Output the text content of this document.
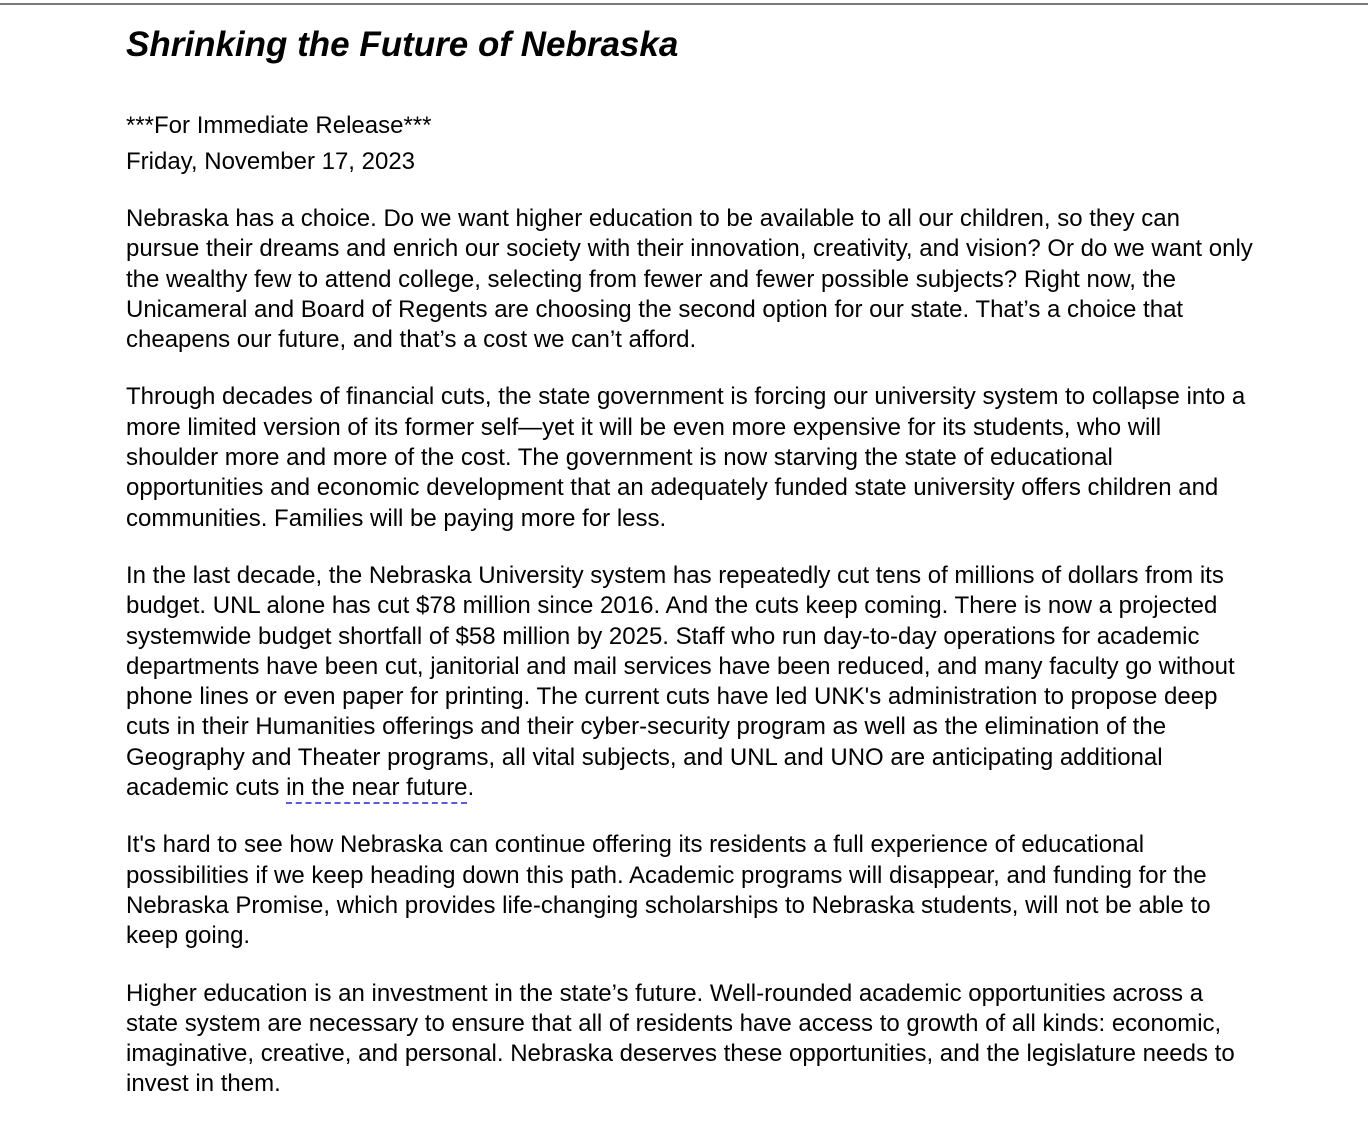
Shrinking the Future of Nebraska
***For Immediate Release***
Friday, November 17, 2023

Nebraska has a choice. Do we want higher education to be available to all our children, so they can pursue their dreams and enrich our society with their innovation, creativity, and vision? Or do we want only the wealthy few to attend college, selecting from fewer and fewer possible subjects? Right now, the Unicameral and Board of Regents are choosing the second option for our state. That’s a choice that cheapens our future, and that’s a cost we can’t afford.

Through decades of financial cuts, the state government is forcing our university system to collapse into a more limited version of its former self—yet it will be even more expensive for its students, who will shoulder more and more of the cost. The government is now starving the state of educational opportunities and economic development that an adequately funded state university offers children and communities. Families will be paying more for less.

In the last decade, the Nebraska University system has repeatedly cut tens of millions of dollars from its budget. UNL alone has cut $78 million since 2016. And the cuts keep coming. There is now a projected systemwide budget shortfall of $58 million by 2025. Staff who run day-to-day operations for academic departments have been cut, janitorial and mail services have been reduced, and many faculty go without phone lines or even paper for printing. The current cuts have led UNK's administration to propose deep cuts in their Humanities offerings and their cyber-security program as well as the elimination of the Geography and Theater programs, all vital subjects, and UNL and UNO are anticipating additional academic cuts in the near future.

It's hard to see how Nebraska can continue offering its residents a full experience of educational possibilities if we keep heading down this path. Academic programs will disappear, and funding for the Nebraska Promise, which provides life-changing scholarships to Nebraska students, will not be able to keep going.

Higher education is an investment in the state’s future. Well-rounded academic opportunities across a state system are necessary to ensure that all of residents have access to growth of all kinds: economic, imaginative, creative, and personal. Nebraska deserves these opportunities, and the legislature needs to invest in them.
